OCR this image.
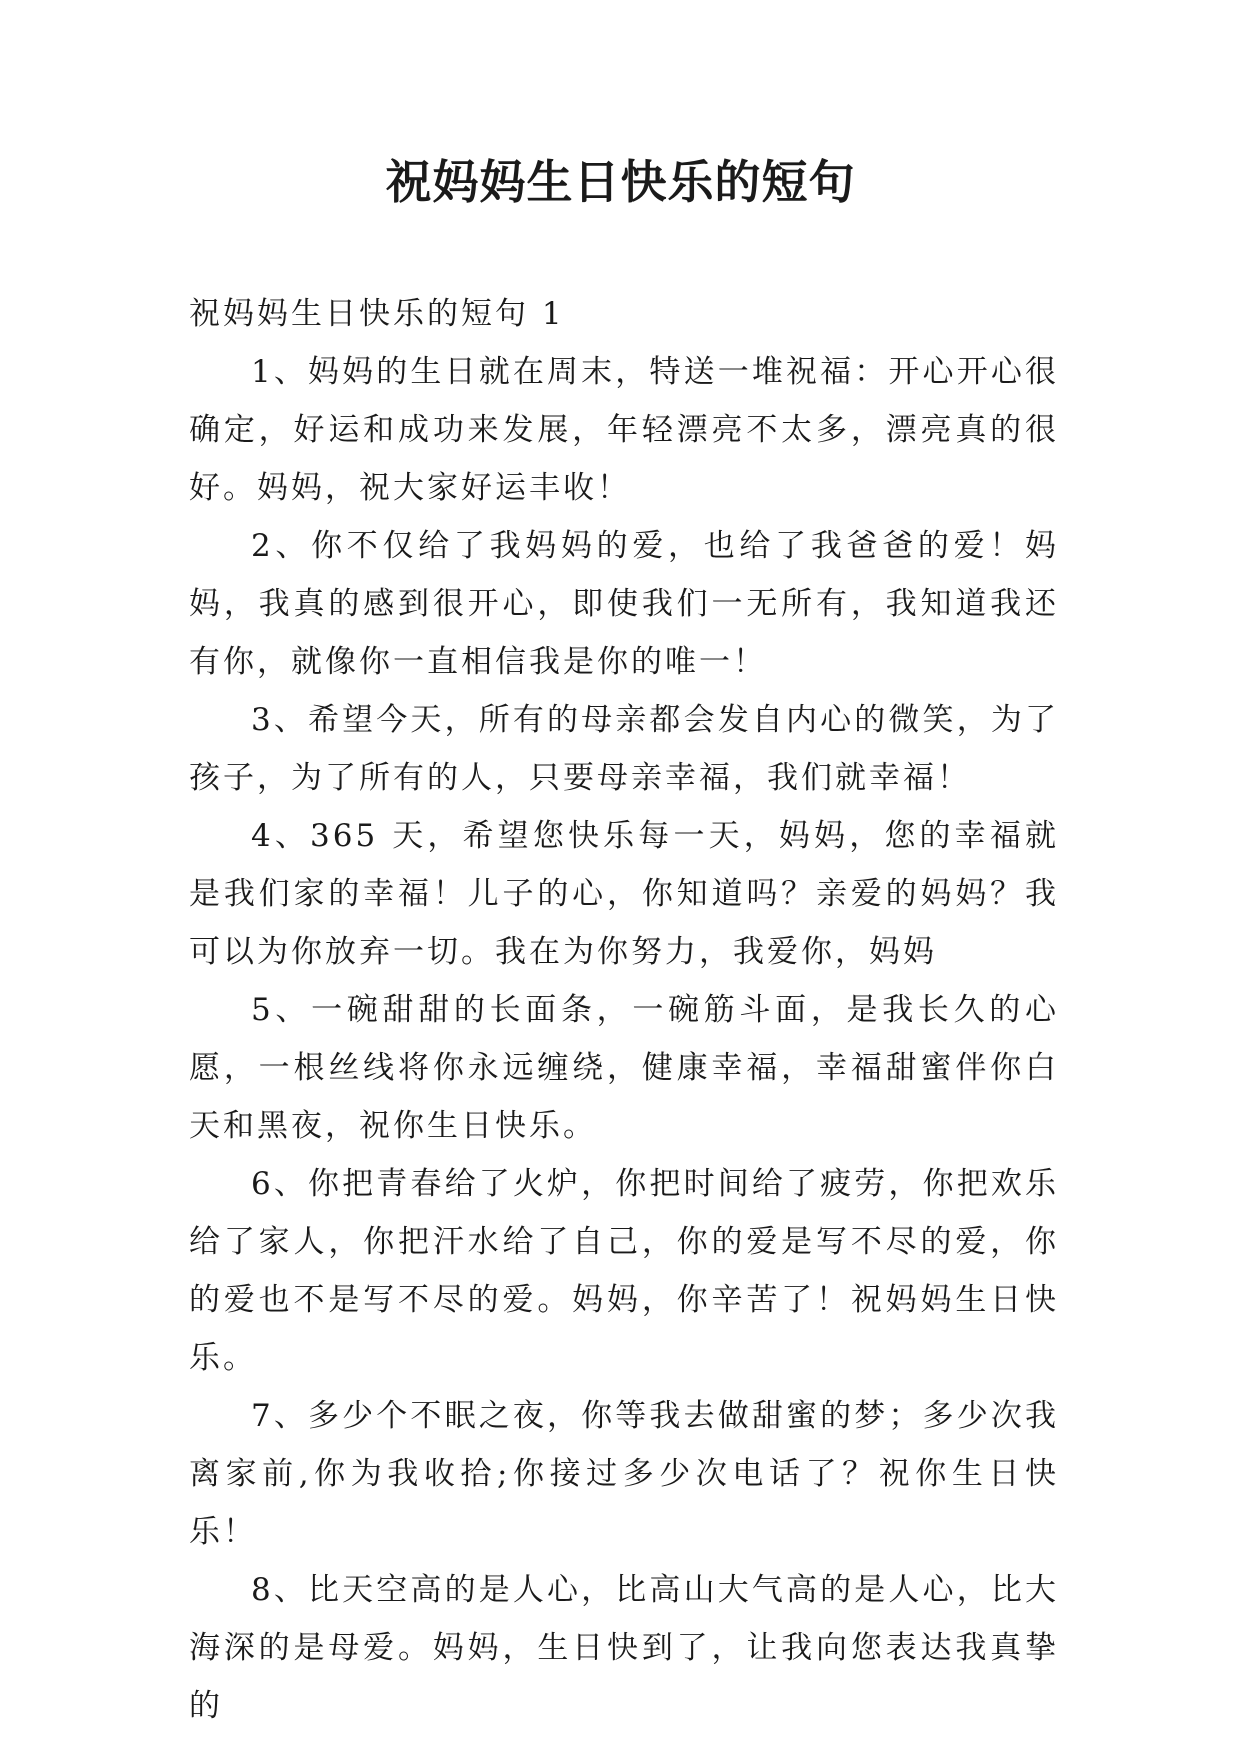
祝妈妈生日快乐的短句
祝妈妈生日快乐的短句 1

1、妈妈的生日就在周末，特送一堆祝福：开心开心很确定，好运和成功来发展，年轻漂亮不太多，漂亮真的很好。妈妈，祝大家好运丰收！

2、你不仅给了我妈妈的爱，也给了我爸爸的爱！妈妈，我真的感到很开心，即使我们一无所有，我知道我还有你，就像你一直相信我是你的唯一！

3、希望今天，所有的母亲都会发自内心的微笑，为了孩子，为了所有的人，只要母亲幸福，我们就幸福！

4、365 天，希望您快乐每一天，妈妈，您的幸福就是我们家的幸福！儿子的心，你知道吗？亲爱的妈妈？我可以为你放弃一切。我在为你努力，我爱你，妈妈

5、一碗甜甜的长面条，一碗筋斗面，是我长久的心愿，一根丝线将你永远缠绕，健康幸福，幸福甜蜜伴你白天和黑夜，祝你生日快乐。

6、你把青春给了火炉，你把时间给了疲劳，你把欢乐给了家人，你把汗水给了自己，你的爱是写不尽的爱，你的爱也不是写不尽的爱。妈妈，你辛苦了！祝妈妈生日快乐。

7、多少个不眠之夜，你等我去做甜蜜的梦；多少次我离家前,你为我收拾;你接过多少次电话了？祝你生日快乐！

8、比天空高的是人心，比高山大气高的是人心，比大海深的是母爱。妈妈，生日快到了，让我向您表达我真挚的
